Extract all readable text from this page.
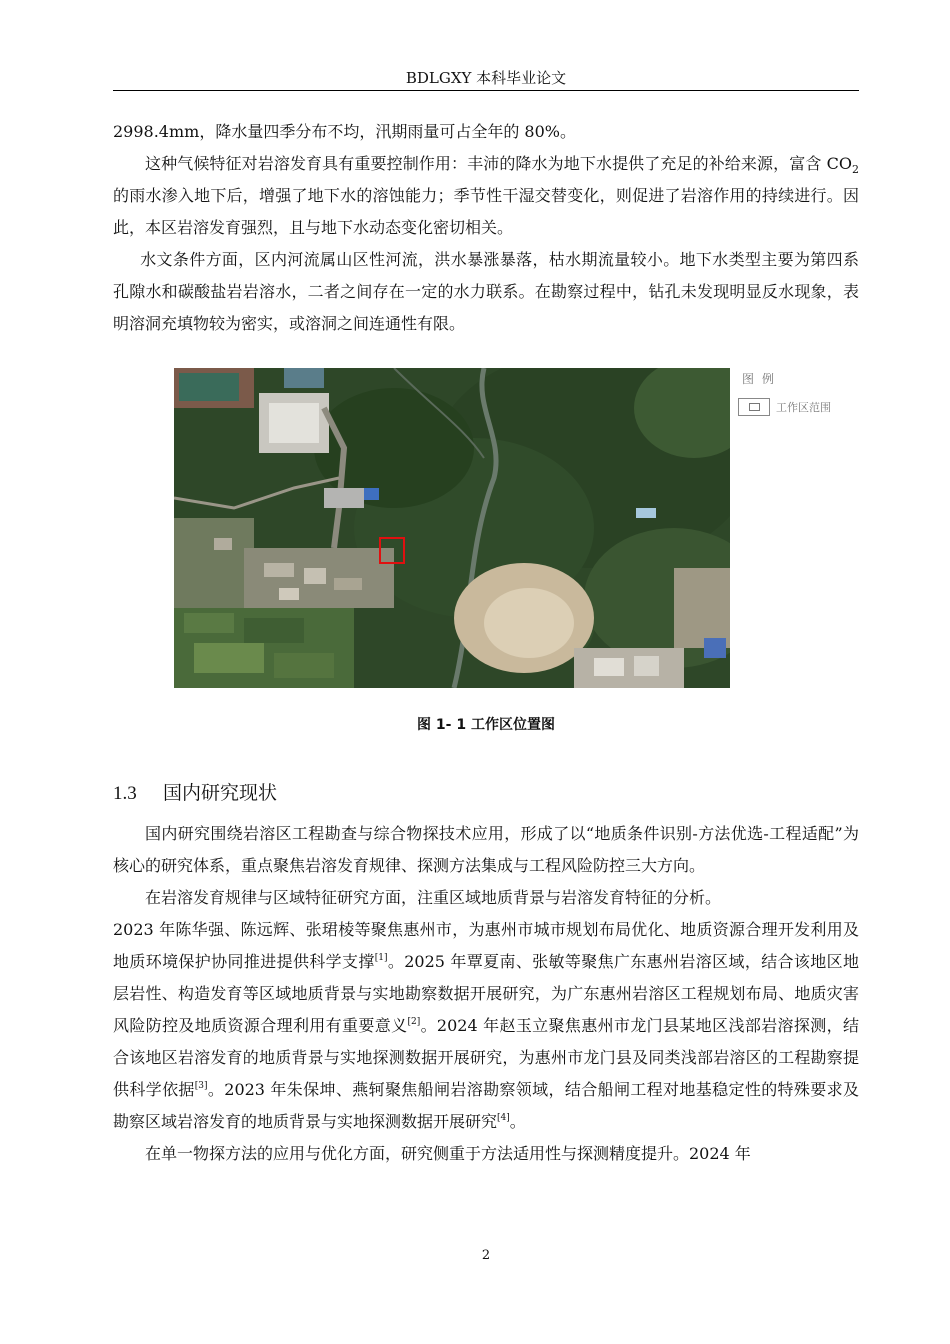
BDLGXY 本科毕业论文

2998.4mm，降水量四季分布不均，汛期雨量可占全年的 80%。

这种气候特征对岩溶发育具有重要控制作用：丰沛的降水为地下水提供了充足的补给来源，富含 $CO_2$ 的雨水渗入地下后，增强了地下水的溶蚀能力；季节性干湿交替变化，则促进了岩溶作用的持续进行。因此，本区岩溶发育强烈，且与地下水动态变化密切相关。

水文条件方面，区内河流属山区性河流，洪水暴涨暴落，枯水期流量较小。地下水类型主要为第四系孔隙水和碳酸盐岩岩溶水，二者之间存在一定的水力联系。在勘察过程中，钻孔未发现明显反水现象，表明溶洞充填物较为密实，或溶洞之间连通性有限。

图例
工作区范围
图 1- 1 工作区位置图
1.3 国内研究现状

国内研究围绕岩溶区工程勘查与综合物探技术应用，形成了以“地质条件识别-方法优选-工程适配”为核心的研究体系，重点聚焦岩溶发育规律、探测方法集成与工程风险防控三大方向。

在岩溶发育规律与区域特征研究方面，注重区域地质背景与岩溶发育特征的分析。
2023 年陈华强、陈远辉、张珺棱等聚焦惠州市，为惠州市城市规划布局优化、地质资源合理开发利用及地质环境保护协同推进提供科学支撑[1]。2025 年覃夏南、张敏等聚焦广东惠州岩溶区域，结合该地区地层岩性、构造发育等区域地质背景与实地勘察数据开展研究，为广东惠州岩溶区工程规划布局、地质灾害风险防控及地质资源合理利用有重要意义[2]。2024 年赵玉立聚焦惠州市龙门县某地区浅部岩溶探测，结合该地区岩溶发育的地质背景与实地探测数据开展研究，为惠州市龙门县及同类浅部岩溶区的工程勘察提供科学依据[3]。2023 年朱保坤、燕轲聚焦船闸岩溶勘察领域，结合船闸工程对地基稳定性的特殊要求及勘察区域岩溶发育的地质背景与实地探测数据开展研究[4]。

在单一物探方法的应用与优化方面，研究侧重于方法适用性与探测精度提升。2024 年

2
